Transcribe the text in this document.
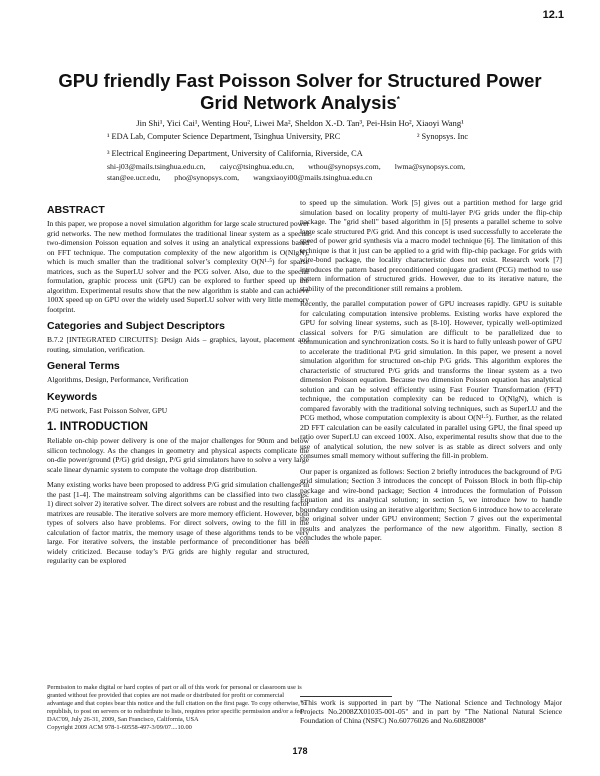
12.1
GPU friendly Fast Poisson Solver for Structured Power
Grid Network Analysis*
Jin Shi¹, Yici Cai¹, Wenting Hou², Liwei Ma², Sheldon X.-D. Tan³, Pei-Hsin Ho², Xiaoyi Wang¹
¹ EDA Lab, Computer Science Department, Tsinghua University, PRC	² Synopsys. Inc
³ Electrical Engineering Department, University of California, Riverside, CA
shi-j03@mails.tsinghua.edu.cn, caiyc@tsinghua.edu.cn, wthou@synopsys.com, lwma@synopsys.com,
stan@ee.ucr.edu, pho@synopsys.com, wangxiaoyi00@mails.tsinghua.edu.cn
ABSTRACT

In this paper, we propose a novel simulation algorithm for large scale structured power grid networks. The new method formulates the traditional linear system as a special two-dimension Poisson equation and solves it using an analytical expressions based on FFT technique. The computation complexity of the new algorithm is O(NlgN), which is much smaller than the traditional solver’s complexity O(N¹·⁵) for sparse matrices, such as the SuperLU solver and the PCG solver. Also, due to the special formulation, graphic process unit (GPU) can be explored to further speed up the algorithm. Experimental results show that the new algorithm is stable and can achieve 100X speed up on GPU over the widely used SuperLU solver with very little memory footprint.

Categories and Subject Descriptors

B.7.2 [INTEGRATED CIRCUITS]: Design Aids – graphics, layout, placement and routing, simulation, verification.

General Terms

Algorithms, Design, Performance, Verification

Keywords

P/G network, Fast Poisson Solver, GPU

1. INTRODUCTION

Reliable on-chip power delivery is one of the major challenges for 90nm and below silicon technology. As the changes in geometry and physical aspects complicate the on-die power/ground (P/G) grid design, P/G grid simulators have to solve a very large scale linear dynamic system to compute the voltage drop distribution.

Many existing works have been proposed to address P/G grid simulation challenges in the past [1-4]. The mainstream solving algorithms can be classified into two classes: 1) direct solver 2) iterative solver. The direct solvers are robust and the resulting factor matrixes are reusable. The iterative solvers are more memory efficient. However, both types of solvers also have problems. For direct solvers, owing to the fill in the calculation of factor matrix, the memory usage of these algorithms tends to be very large. For iterative solvers, the instable performance of preconditioner has been widely criticized. Because today’s P/G grids are highly regular and structured, regularity can be explored

Permission to make digital or hard copies of part or all of this work for personal or classroom use is granted without fee provided that copies are not made or distributed for profit or commercial advantage and that copies bear this notice and the full citation on the first page. To copy otherwise, to republish, to post on servers or to redistribute to lists, requires prior specific permission and/or a fee.
DAC'09, July 26-31, 2009, San Francisco, California, USA
Copyright 2009 ACM 978-1-60558-497-3/09/07....10.00

to speed up the simulation. Work [5] gives out a partition method for large grid simulation based on locality property of multi-layer P/G grids under the flip-chip package. The "grid shell" based algorithm in [5] presents a parallel scheme to solve large scale structured P/G grid. And this concept is used successfully to accelerate the speed of power grid synthesis via a macro model technique [6]. The limitation of this technique is that it just can be applied to a grid with flip-chip package. For grids with wire-bond package, the locality characteristic does not exist. Research work [7] introduces the pattern based preconditioned conjugate gradient (PCG) method to use pattern information of structured grids. However, due to its iterative nature, the stability of the preconditioner still remains a problem.

Recently, the parallel computation power of GPU increases rapidly. GPU is suitable for calculating computation intensive problems. Existing works have explored the GPU for solving linear systems, such as [8-10]. However, typically well-optimized classical solvers for P/G simulation are difficult to be parallelized due to communication and synchronization costs. So it is hard to fully unleash power of GPU to accelerate the traditional P/G grid simulation. In this paper, we present a novel simulation algorithm for structured on-chip P/G grids. This algorithm explores the characteristic of structured P/G grids and transforms the linear system as a two dimension Poisson equation. Because two dimension Poisson equation has analytical solution and can be solved efficiently using Fast Fourier Transformation (FFT) technique, the computation complexity can be reduced to O(NlgN), which is compared favorably with the traditional solving techniques, such as SuperLU and the PCG method, whose computation complexity is about O(N¹·⁵). Further, as the related 2D FFT calculation can be easily calculated in parallel using GPU, the final speed up ratio over SuperLU can exceed 100X. Also, experimental results show that due to the use of analytical solution, the new solver is as stable as direct solvers and only consumes small memory without suffering the fill-in problem.

Our paper is organized as follows: Section 2 briefly introduces the background of P/G grid simulation; Section 3 introduces the concept of Poisson Block in both flip-chip package and wire-bond package; Section 4 introduces the formulation of Poisson Equation and its analytical solution; in section 5, we introduce how to handle boundary condition using an iterative algorithm; Section 6 introduce how to accelerate the original solver under GPU environment; Section 7 gives out the experimental results and analyzes the performance of the new algorithm. Finally, section 8 concludes the whole paper.

*This work is supported in part by "The National Science and Technology Major Projects No.2008ZX01035-001-05" and in part by "The National Natural Science Foundation of China (NSFC) No.60776026 and No.60828008"
178
